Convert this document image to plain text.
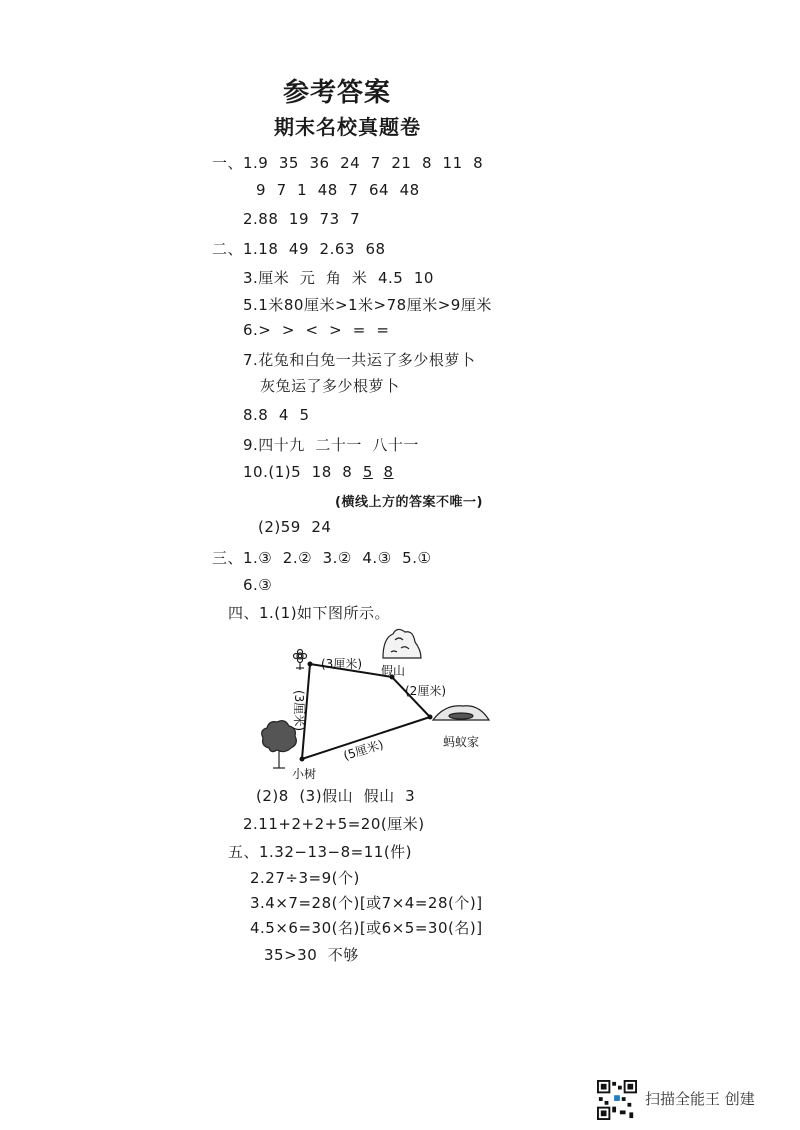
参考答案
期末名校真题卷
一、1.9  35  36  24  7  21  8  11  8
9  7  1  48  7  64  48
2.88  19  73  7
二、1.18  49  2.63  68
3.厘米  元  角  米  4.5  10
5.1米80厘米>1米>78厘米>9厘米
6.>  >  <  >  =  =
7.花兔和白兔一共运了多少根萝卜
灰兔运了多少根萝卜
8.8  4  5
9.四十九  二十一  八十一
10.(1)5  18  8  5 8
(横线上方的答案不唯一)
(2)59  24
三、1.③  2.②  3.②  4.③  5.①
6.③
四、1.(1)如下图所示。
(3厘米)
(2厘米)
(3厘米)
(5厘米)
假山
蚂蚁家
小树
(2)8  (3)假山  假山  3
2.11+2+2+5=20(厘米)
五、1.32−13−8=11(件)
2.27÷3=9(个)
3.4×7=28(个)[或7×4=28(个)]
4.5×6=30(名)[或6×5=30(名)]
35>30  不够
扫描全能王 创建
